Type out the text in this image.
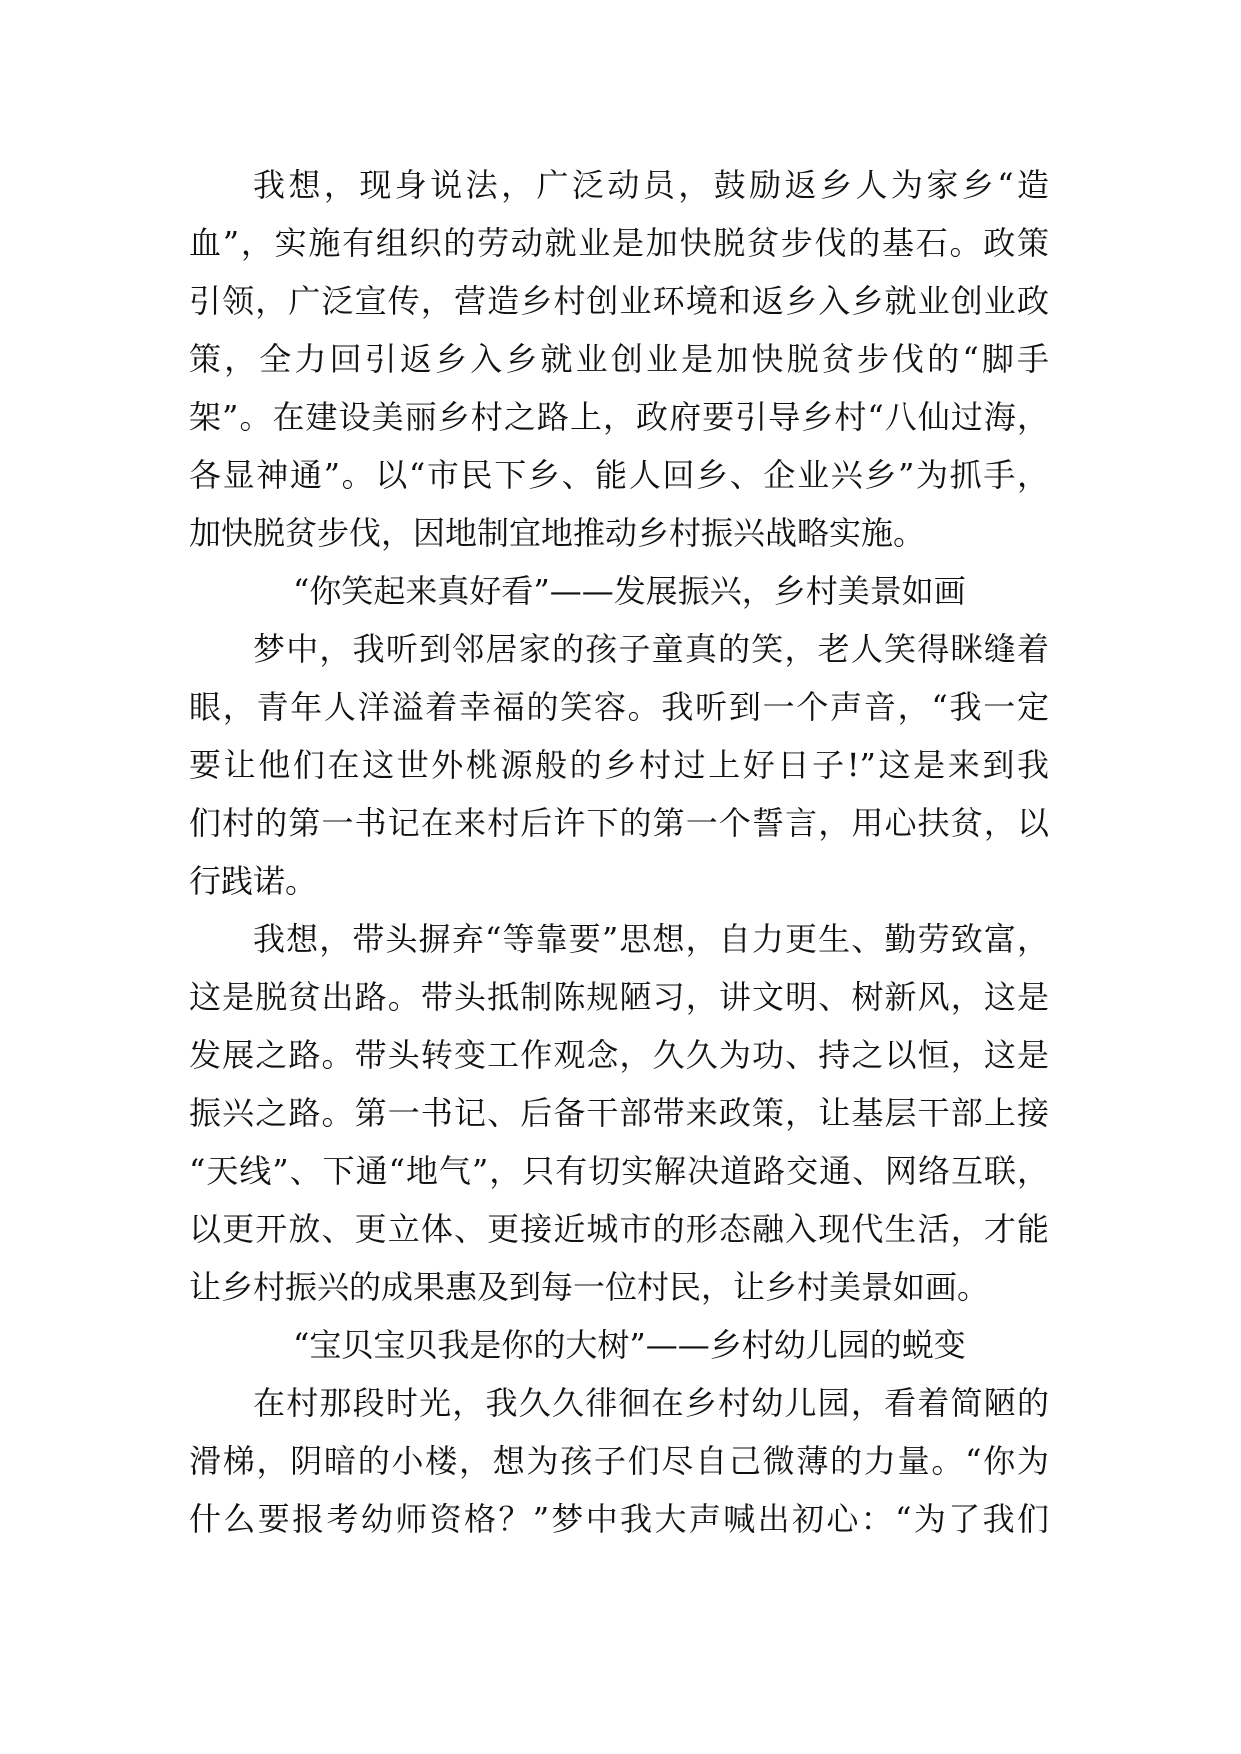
我想，现身说法，广泛动员，鼓励返乡人为家乡“造
血”，实施有组织的劳动就业是加快脱贫步伐的基石。政策
引领，广泛宣传，营造乡村创业环境和返乡入乡就业创业政
策，全力回引返乡入乡就业创业是加快脱贫步伐的“脚手
架”。在建设美丽乡村之路上，政府要引导乡村“八仙过海，
各显神通”。以“市民下乡、能人回乡、企业兴乡”为抓手，
加快脱贫步伐，因地制宜地推动乡村振兴战略实施。
“你笑起来真好看”——发展振兴，乡村美景如画
梦中，我听到邻居家的孩子童真的笑，老人笑得眯缝着
眼，青年人洋溢着幸福的笑容。我听到一个声音，“我一定
要让他们在这世外桃源般的乡村过上好日子!”这是来到我
们村的第一书记在来村后许下的第一个誓言，用心扶贫，以
行践诺。
我想，带头摒弃“等靠要”思想，自力更生、勤劳致富，
这是脱贫出路。带头抵制陈规陋习，讲文明、树新风，这是
发展之路。带头转变工作观念，久久为功、持之以恒，这是
振兴之路。第一书记、后备干部带来政策，让基层干部上接
“天线”、下通“地气”，只有切实解决道路交通、网络互联，
以更开放、更立体、更接近城市的形态融入现代生活，才能
让乡村振兴的成果惠及到每一位村民，让乡村美景如画。
“宝贝宝贝我是你的大树”——乡村幼儿园的蜕变
在村那段时光，我久久徘徊在乡村幼儿园，看着简陋的
滑梯，阴暗的小楼，想为孩子们尽自己微薄的力量。“你为
什么要报考幼师资格？”梦中我大声喊出初心：“为了我们
